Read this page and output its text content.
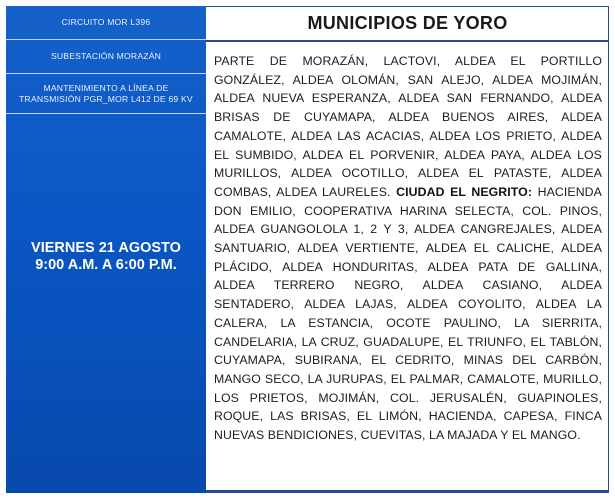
CIRCUITO MOR L396
SUBESTACIÓN MORAZÁN
MANTENIMIENTO A LÍNEA DE TRANSMISIÓN PGR_MOR L412 DE 69 KV
VIERNES 21 AGOSTO
9:00 A.M. A 6:00 P.M.
MUNICIPIOS DE YORO
PARTE DE MORAZÁN, LACTOVI, ALDEA EL PORTILLO GONZÁLEZ, ALDEA OLOMÁN, SAN ALEJO, ALDEA MOJIMÁN, ALDEA NUEVA ESPERANZA, ALDEA SAN FERNANDO, ALDEA BRISAS DE CUYAMAPA, ALDEA BUENOS AIRES, ALDEA CAMALOTE, ALDEA LAS ACACIAS, ALDEA LOS PRIETO, ALDEA EL SUMBIDO, ALDEA EL PORVENIR, ALDEA PAYA, ALDEA LOS MURILLOS, ALDEA OCOTILLO, ALDEA EL PATASTE, ALDEA COMBAS, ALDEA LAURELES. CIUDAD EL NEGRITO: HACIENDA DON EMILIO, COOPERATIVA HARINA SELECTA, COL. PINOS, ALDEA GUANGOLOLA 1, 2 Y 3, ALDEA CANGREJALES, ALDEA SANTUARIO, ALDEA VERTIENTE, ALDEA EL CALICHE, ALDEA PLÁCIDO, ALDEA HONDURITAS, ALDEA PATA DE GALLINA, ALDEA TERRERO NEGRO, ALDEA CASIANO, ALDEA SENTADERO, ALDEA LAJAS, ALDEA COYOLITO, ALDEA LA CALERA, LA ESTANCIA, OCOTE PAULINO, LA SIERRITA, CANDELARIA, LA CRUZ, GUADALUPE, EL TRIUNFO, EL TABLÓN, CUYAMAPA, SUBIRANA, EL CEDRITO, MINAS DEL CARBÓN, MANGO SECO, LA JURUPAS, EL PALMAR, CAMALOTE, MURILLO, LOS PRIETOS, MOJIMÁN, COL. JERUSALÉN, GUAPINOLES, ROQUE, LAS BRISAS, EL LIMÓN, HACIENDA, CAPESA, FINCA NUEVAS BENDICIONES, CUEVITAS, LA MAJADA Y EL MANGO.
